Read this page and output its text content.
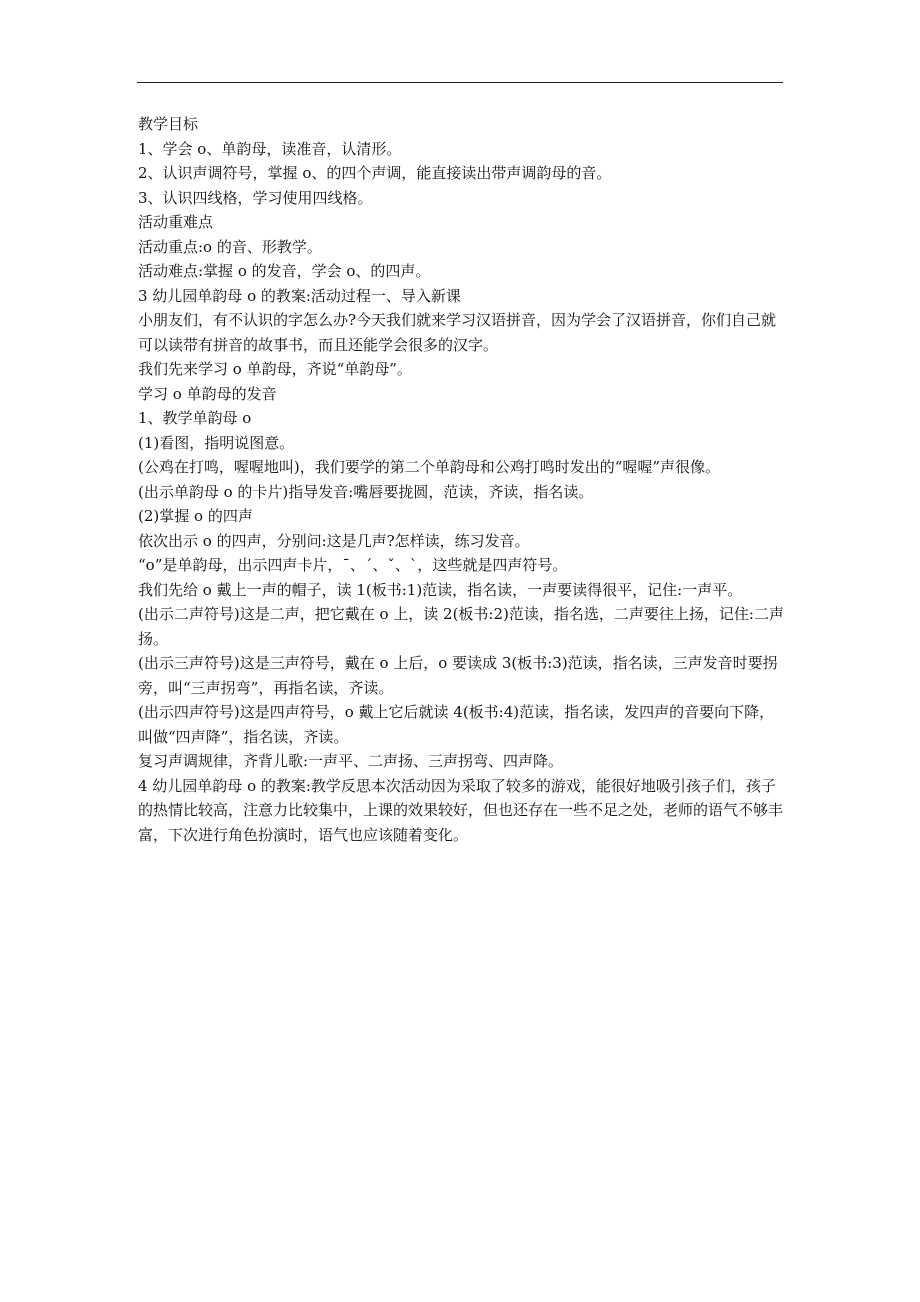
教学目标

1、学会 o、单韵母，读准音，认清形。

2、认识声调符号，掌握 o、的四个声调，能直接读出带声调韵母的音。

3、认识四线格，学习使用四线格。

活动重难点

活动重点:o 的音、形教学。

活动难点:掌握 o 的发音，学会 o、的四声。

3 幼儿园单韵母 o 的教案:活动过程一、导入新课

小朋友们，有不认识的字怎么办?今天我们就来学习汉语拼音，因为学会了汉语拼音，你们自己就可以读带有拼音的故事书，而且还能学会很多的汉字。

我们先来学习 o 单韵母，齐说“单韵母”。

学习 o 单韵母的发音

1、教学单韵母 o

(1)看图，指明说图意。

(公鸡在打鸣，喔喔地叫)，我们要学的第二个单韵母和公鸡打鸣时发出的“喔喔”声很像。

(出示单韵母 o 的卡片)指导发音:嘴唇要拢圆，范读，齐读，指名读。

(2)掌握 o 的四声

依次出示 o 的四声，分别问:这是几声?怎样读，练习发音。

“o”是单韵母，出示四声卡片，ˉ、ˊ、ˇ、ˋ，这些就是四声符号。

我们先给 o 戴上一声的帽子，读 1(板书:1)范读，指名读，一声要读得很平，记住:一声平。

(出示二声符号)这是二声，把它戴在 o 上，读 2(板书:2)范读，指名选，二声要往上扬，记住:二声扬。

(出示三声符号)这是三声符号，戴在 o 上后，o 要读成 3(板书:3)范读，指名读，三声发音时要拐旁，叫“三声拐弯”，再指名读，齐读。

(出示四声符号)这是四声符号，o 戴上它后就读 4(板书:4)范读，指名读，发四声的音要向下降，叫做“四声降”，指名读，齐读。

复习声调规律，齐背儿歌:一声平、二声扬、三声拐弯、四声降。

4 幼儿园单韵母 o 的教案:教学反思本次活动因为采取了较多的游戏，能很好地吸引孩子们，孩子的热情比较高，注意力比较集中，上课的效果较好，但也还存在一些不足之处，老师的语气不够丰富，下次进行角色扮演时，语气也应该随着变化。
